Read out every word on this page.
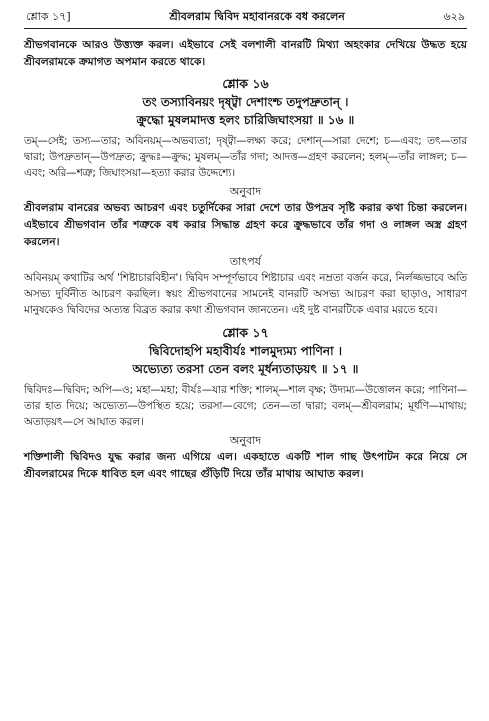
শ্লোক ১৭]	শ্রীবলরাম দ্বিবিদ মহাবানরকে বধ করলেন	৬২৯

শ্রীভগবানকে আরও উত্ত্যক্ত করল। এইভাবে সেই বলশালী বানরটি মিথ্যা অহংকার দেখিয়ে উদ্ধত হয়ে শ্রীবলরামকে ক্রমাগত অপমান করতে থাকে।

শ্লোক ১৬
তং তস্যাবিনয়ং দৃষ্ট্বা দেশাংশ্চ তদুপদ্রুতান্ ।
ক্রুদ্ধো মুষলমাদত্ত হলং চারিজিঘাংসয়া ॥ ১৬ ॥
তম্—সেই; তস্য—তার; অবিনয়ম্—অভব্যতা; দৃষ্ট্বা—লক্ষ্য করে; দেশান্—সারা দেশে; চ—এবং; তৎ—তার দ্বারা; উপদ্রুতান্—উপদ্রুত; ক্রুদ্ধঃ—ক্রুদ্ধ; মুষলম্—তাঁর গদা; আদত্ত—গ্রহণ করলেন; হলম্—তাঁর লাঙ্গল; চ—এবং; অরি—শত্রু; জিঘাংসয়া—হত্যা করার উদ্দেশ্যে।
অনুবাদ

শ্রীবলরাম বানরের অভব্য আচরণ এবং চতুর্দিকের সারা দেশে তার উপদ্রব সৃষ্টি করার কথা চিন্তা করলেন। এইভাবে শ্রীভগবান তাঁর শত্রুকে বধ করার সিদ্ধান্ত গ্রহণ করে ক্রুদ্ধভাবে তাঁর গদা ও লাঙ্গল অস্ত্র গ্রহণ করলেন।

তাৎপর্য
অবিনয়ম্ কথাটির অর্থ 'শিষ্টাচারবিহীন'। দ্বিবিদ সম্পূর্ণভাবে শিষ্টাচার এবং নম্রতা বর্জন করে, নির্লজ্জভাবে অতি অসভ্য দুর্বিনীত আচরণ করছিল। স্বয়ং শ্রীভগবানের সামনেই বানরটি অসভ্য আচরণ করা ছাড়াও, সাধারণ মানুষকেও দ্বিবিদের অত্যন্ত বিব্রত করার কথা শ্রীভগবান জানতেন। এই দুষ্ট বানরটিকে এবার মরতে হবে।
শ্লোক ১৭
দ্বিবিদোহপি মহাবীর্যঃ শালমুদ্যম্য পাণিনা ।
অভ্যেত্য তরসা তেন বলং মূর্ধন্যতাড়য়ৎ ॥ ১৭ ॥
দ্বিবিদঃ—দ্বিবিদ; অপি—ও; মহা—মহা; বীর্যঃ—যার শক্তি; শালম্—শাল বৃক্ষ; উদ্যম্য—উত্তোলন করে; পাণিনা—তার হাত দিয়ে; অভ্যেত্য—উপস্থিত হয়ে; তরসা—বেগে; তেন—তা দ্বারা; বলম্—শ্রীবলরাম; মূর্ধণি—মাথায়; অতাড়য়ৎ—সে আঘাত করল।
অনুবাদ

শক্তিশালী দ্বিবিদও যুদ্ধ করার জন্য এগিয়ে এল। একহাতে একটি শাল গাছ উৎপাটন করে নিয়ে সে শ্রীবলরামের দিকে ধাবিত হল এবং গাছের গুঁড়িটি দিয়ে তাঁর মাথায় আঘাত করল।
